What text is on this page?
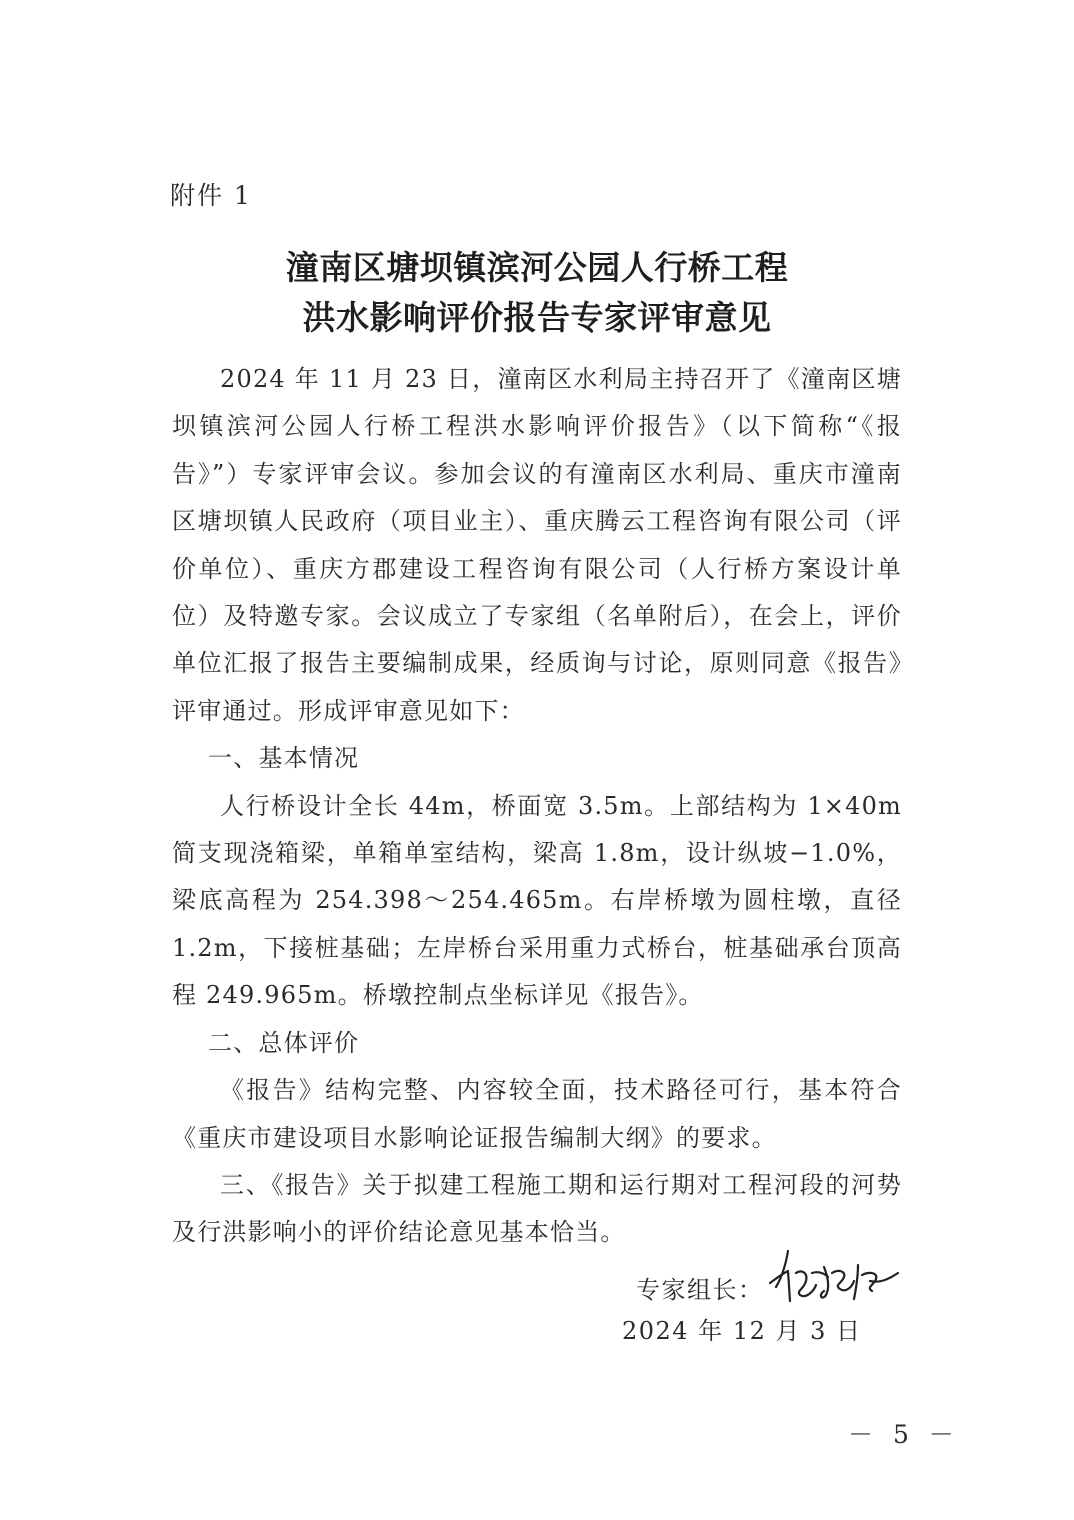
附件 1
潼南区塘坝镇滨河公园人行桥工程
洪水影响评价报告专家评审意见

2024 年 11 月 23 日，潼南区水利局主持召开了《潼南区塘坝镇滨河公园人行桥工程洪水影响评价报告》（以下简称“《报告》”）专家评审会议。参加会议的有潼南区水利局、重庆市潼南区塘坝镇人民政府（项目业主）、重庆腾云工程咨询有限公司（评价单位）、重庆方郡建设工程咨询有限公司（人行桥方案设计单位）及特邀专家。会议成立了专家组（名单附后），在会上，评价单位汇报了报告主要编制成果，经质询与讨论，原则同意《报告》评审通过。形成评审意见如下：

一、基本情况

人行桥设计全长 44m，桥面宽 3.5m。上部结构为 1×40m 简支现浇箱梁，单箱单室结构，梁高 1.8m，设计纵坡−1.0%，梁底高程为 254.398～254.465m。右岸桥墩为圆柱墩，直径 1.2m，下接桩基础；左岸桥台采用重力式桥台，桩基础承台顶高程 249.965m。桥墩控制点坐标详见《报告》。

二、总体评价

《报告》结构完整、内容较全面，技术路径可行，基本符合《重庆市建设项目水影响论证报告编制大纲》的要求。

三、《报告》关于拟建工程施工期和运行期对工程河段的河势及行洪影响小的评价结论意见基本恰当。

专家组长：
2024 年 12 月 3 日
－ 5 －
